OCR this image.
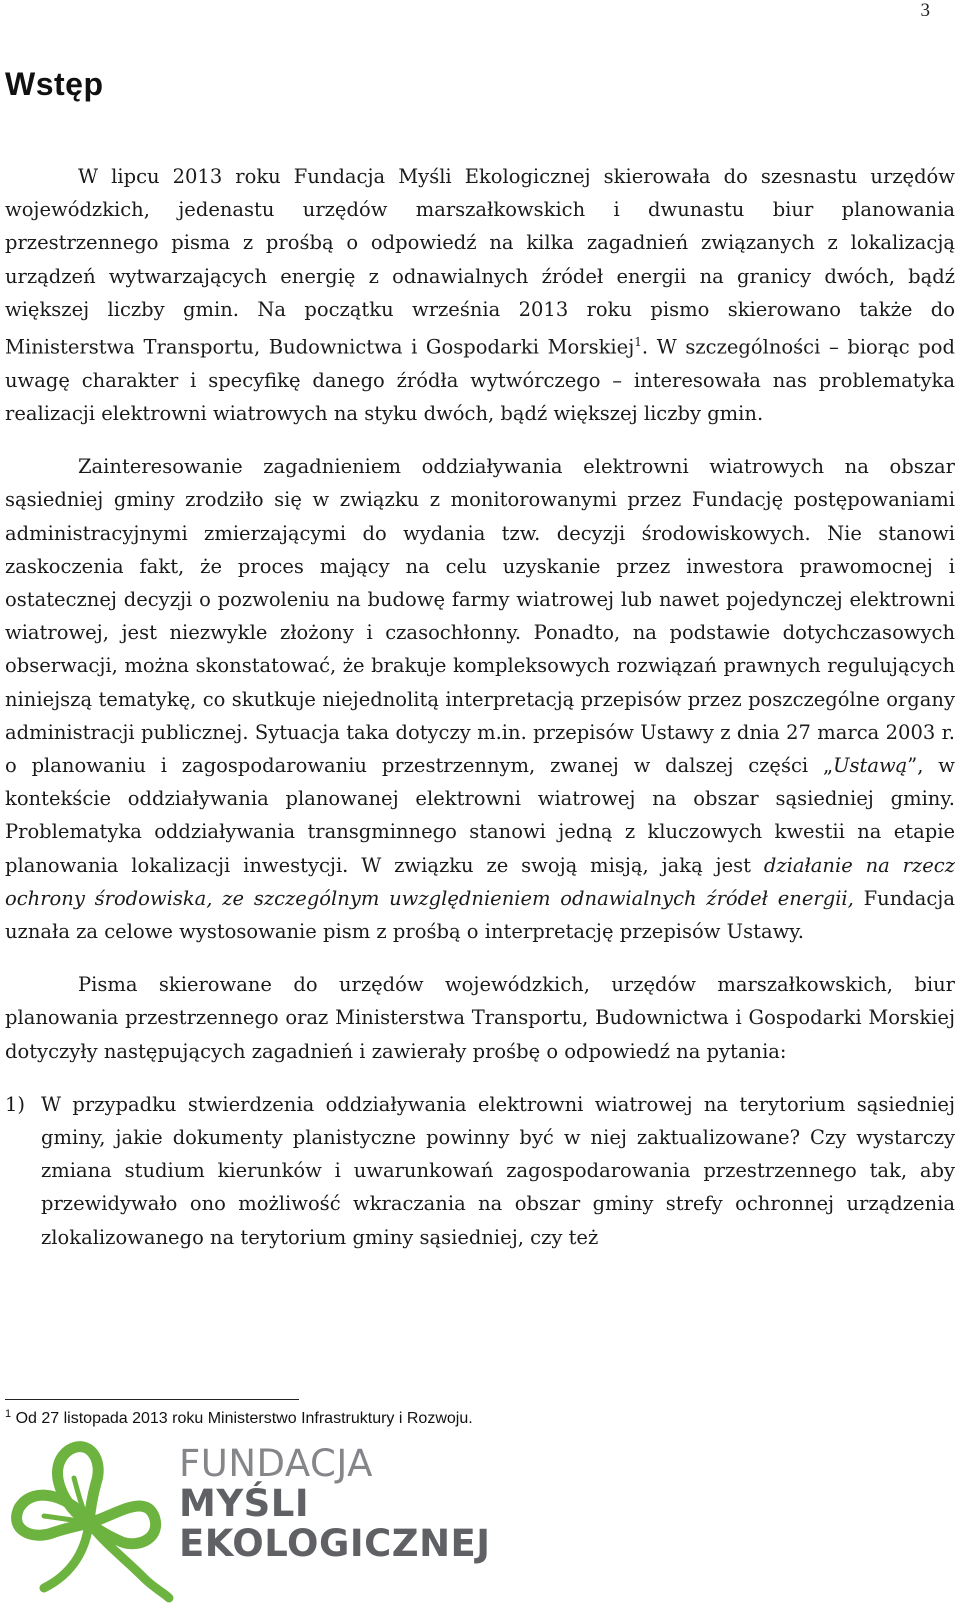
3
Wstęp

W lipcu 2013 roku Fundacja Myśli Ekologicznej skierowała do szesnastu urzędów wojewódzkich, jedenastu urzędów marszałkowskich i dwunastu biur planowania przestrzennego pisma z prośbą o odpowiedź na kilka zagadnień związanych z lokalizacją urządzeń wytwarzających energię z odnawialnych źródeł energii na granicy dwóch, bądź większej liczby gmin. Na początku września 2013 roku pismo skierowano także do Ministerstwa Transportu, Budownictwa i Gospodarki Morskiej$^1$. W szczególności – biorąc pod uwagę charakter i specyfikę danego źródła wytwórczego – interesowała nas problematyka realizacji elektrowni wiatrowych na styku dwóch, bądź większej liczby gmin.

Zainteresowanie zagadnieniem oddziaływania elektrowni wiatrowych na obszar sąsiedniej gminy zrodziło się w związku z monitorowanymi przez Fundację postępowaniami administracyjnymi zmierzającymi do wydania tzw. decyzji środowiskowych. Nie stanowi zaskoczenia fakt, że proces mający na celu uzyskanie przez inwestora prawomocnej i ostatecznej decyzji o pozwoleniu na budowę farmy wiatrowej lub nawet pojedynczej elektrowni wiatrowej, jest niezwykle złożony i czasochłonny. Ponadto, na podstawie dotychczasowych obserwacji, można skonstatować, że brakuje kompleksowych rozwiązań prawnych regulujących niniejszą tematykę, co skutkuje niejednolitą interpretacją przepisów przez poszczególne organy administracji publicznej. Sytuacja taka dotyczy m.in. przepisów Ustawy z dnia 27 marca 2003 r. o planowaniu i zagospodarowaniu przestrzennym, zwanej w dalszej części „Ustawą”, w kontekście oddziaływania planowanej elektrowni wiatrowej na obszar sąsiedniej gminy. Problematyka oddziaływania transgminnego stanowi jedną z kluczowych kwestii na etapie planowania lokalizacji inwestycji. W związku ze swoją misją, jaką jest działanie na rzecz ochrony środowiska, ze szczególnym uwzględnieniem odnawialnych źródeł energii, Fundacja uznała za celowe wystosowanie pism z prośbą o interpretację przepisów Ustawy.

Pisma skierowane do urzędów wojewódzkich, urzędów marszałkowskich, biur planowania przestrzennego oraz Ministerstwa Transportu, Budownictwa i Gospodarki Morskiej dotyczyły następujących zagadnień i zawierały prośbę o odpowiedź na pytania:

1) W przypadku stwierdzenia oddziaływania elektrowni wiatrowej na terytorium sąsiedniej gminy, jakie dokumenty planistyczne powinny być w niej zaktualizowane? Czy wystarczy zmiana studium kierunków i uwarunkowań zagospodarowania przestrzennego tak, aby przewidywało ono możliwość wkraczania na obszar gminy strefy ochronnej urządzenia zlokalizowanego na terytorium gminy sąsiedniej, czy też
$^1$ Od 27 listopada 2013 roku Ministerstwo Infrastruktury i Rozwoju.
FUNDACJA
MYŚLI
EKOLOGICZNEJ
